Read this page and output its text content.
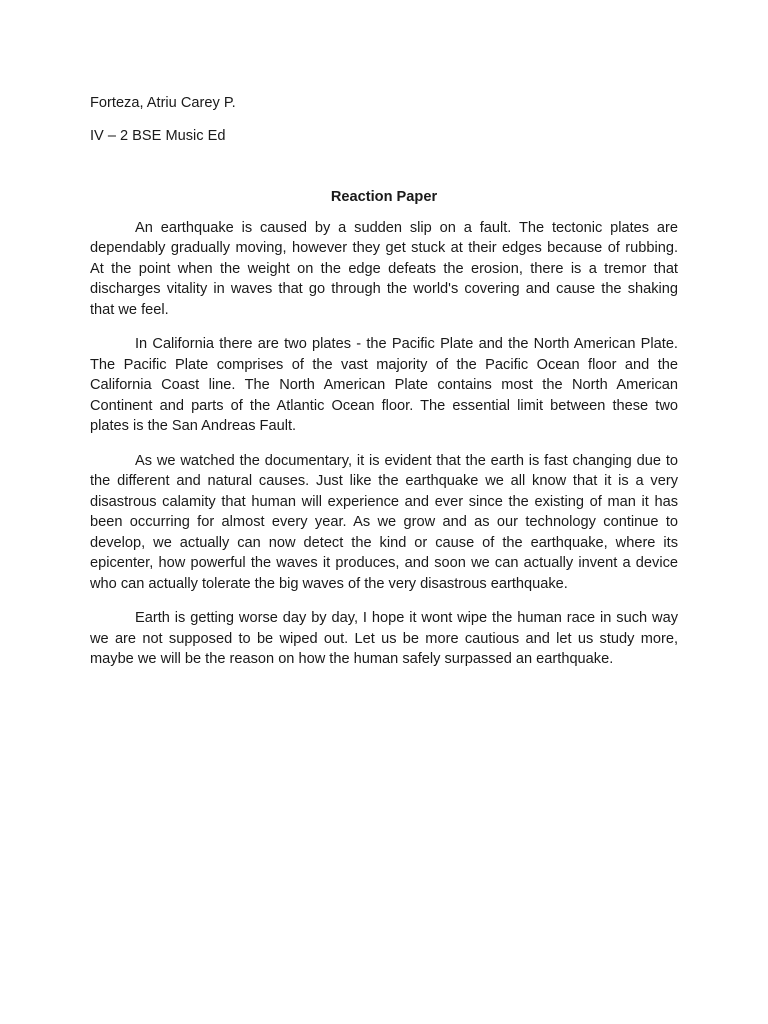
Forteza, Atriu Carey P.

IV – 2 BSE Music Ed

Reaction Paper

An earthquake is caused by a sudden slip on a fault. The tectonic plates are dependably gradually moving, however they get stuck at their edges because of rubbing. At the point when the weight on the edge defeats the erosion, there is a tremor that discharges vitality in waves that go through the world's covering and cause the shaking that we feel.

In California there are two plates - the Pacific Plate and the North American Plate. The Pacific Plate comprises of the vast majority of the Pacific Ocean floor and the California Coast line. The North American Plate contains most the North American Continent and parts of the Atlantic Ocean floor. The essential limit between these two plates is the San Andreas Fault.

As we watched the documentary, it is evident that the earth is fast changing due to the different and natural causes. Just like the earthquake we all know that it is a very disastrous calamity that human will experience and ever since the existing of man it has been occurring for almost every year. As we grow and as our technology continue to develop, we actually can now detect the kind or cause of the earthquake, where its epicenter, how powerful the waves it produces, and soon we can actually invent a device who can actually tolerate the big waves of the very disastrous earthquake.

Earth is getting worse day by day, I hope it wont wipe the human race in such way we are not supposed to be wiped out. Let us be more cautious and let us study more, maybe we will be the reason on how the human safely surpassed an earthquake.
